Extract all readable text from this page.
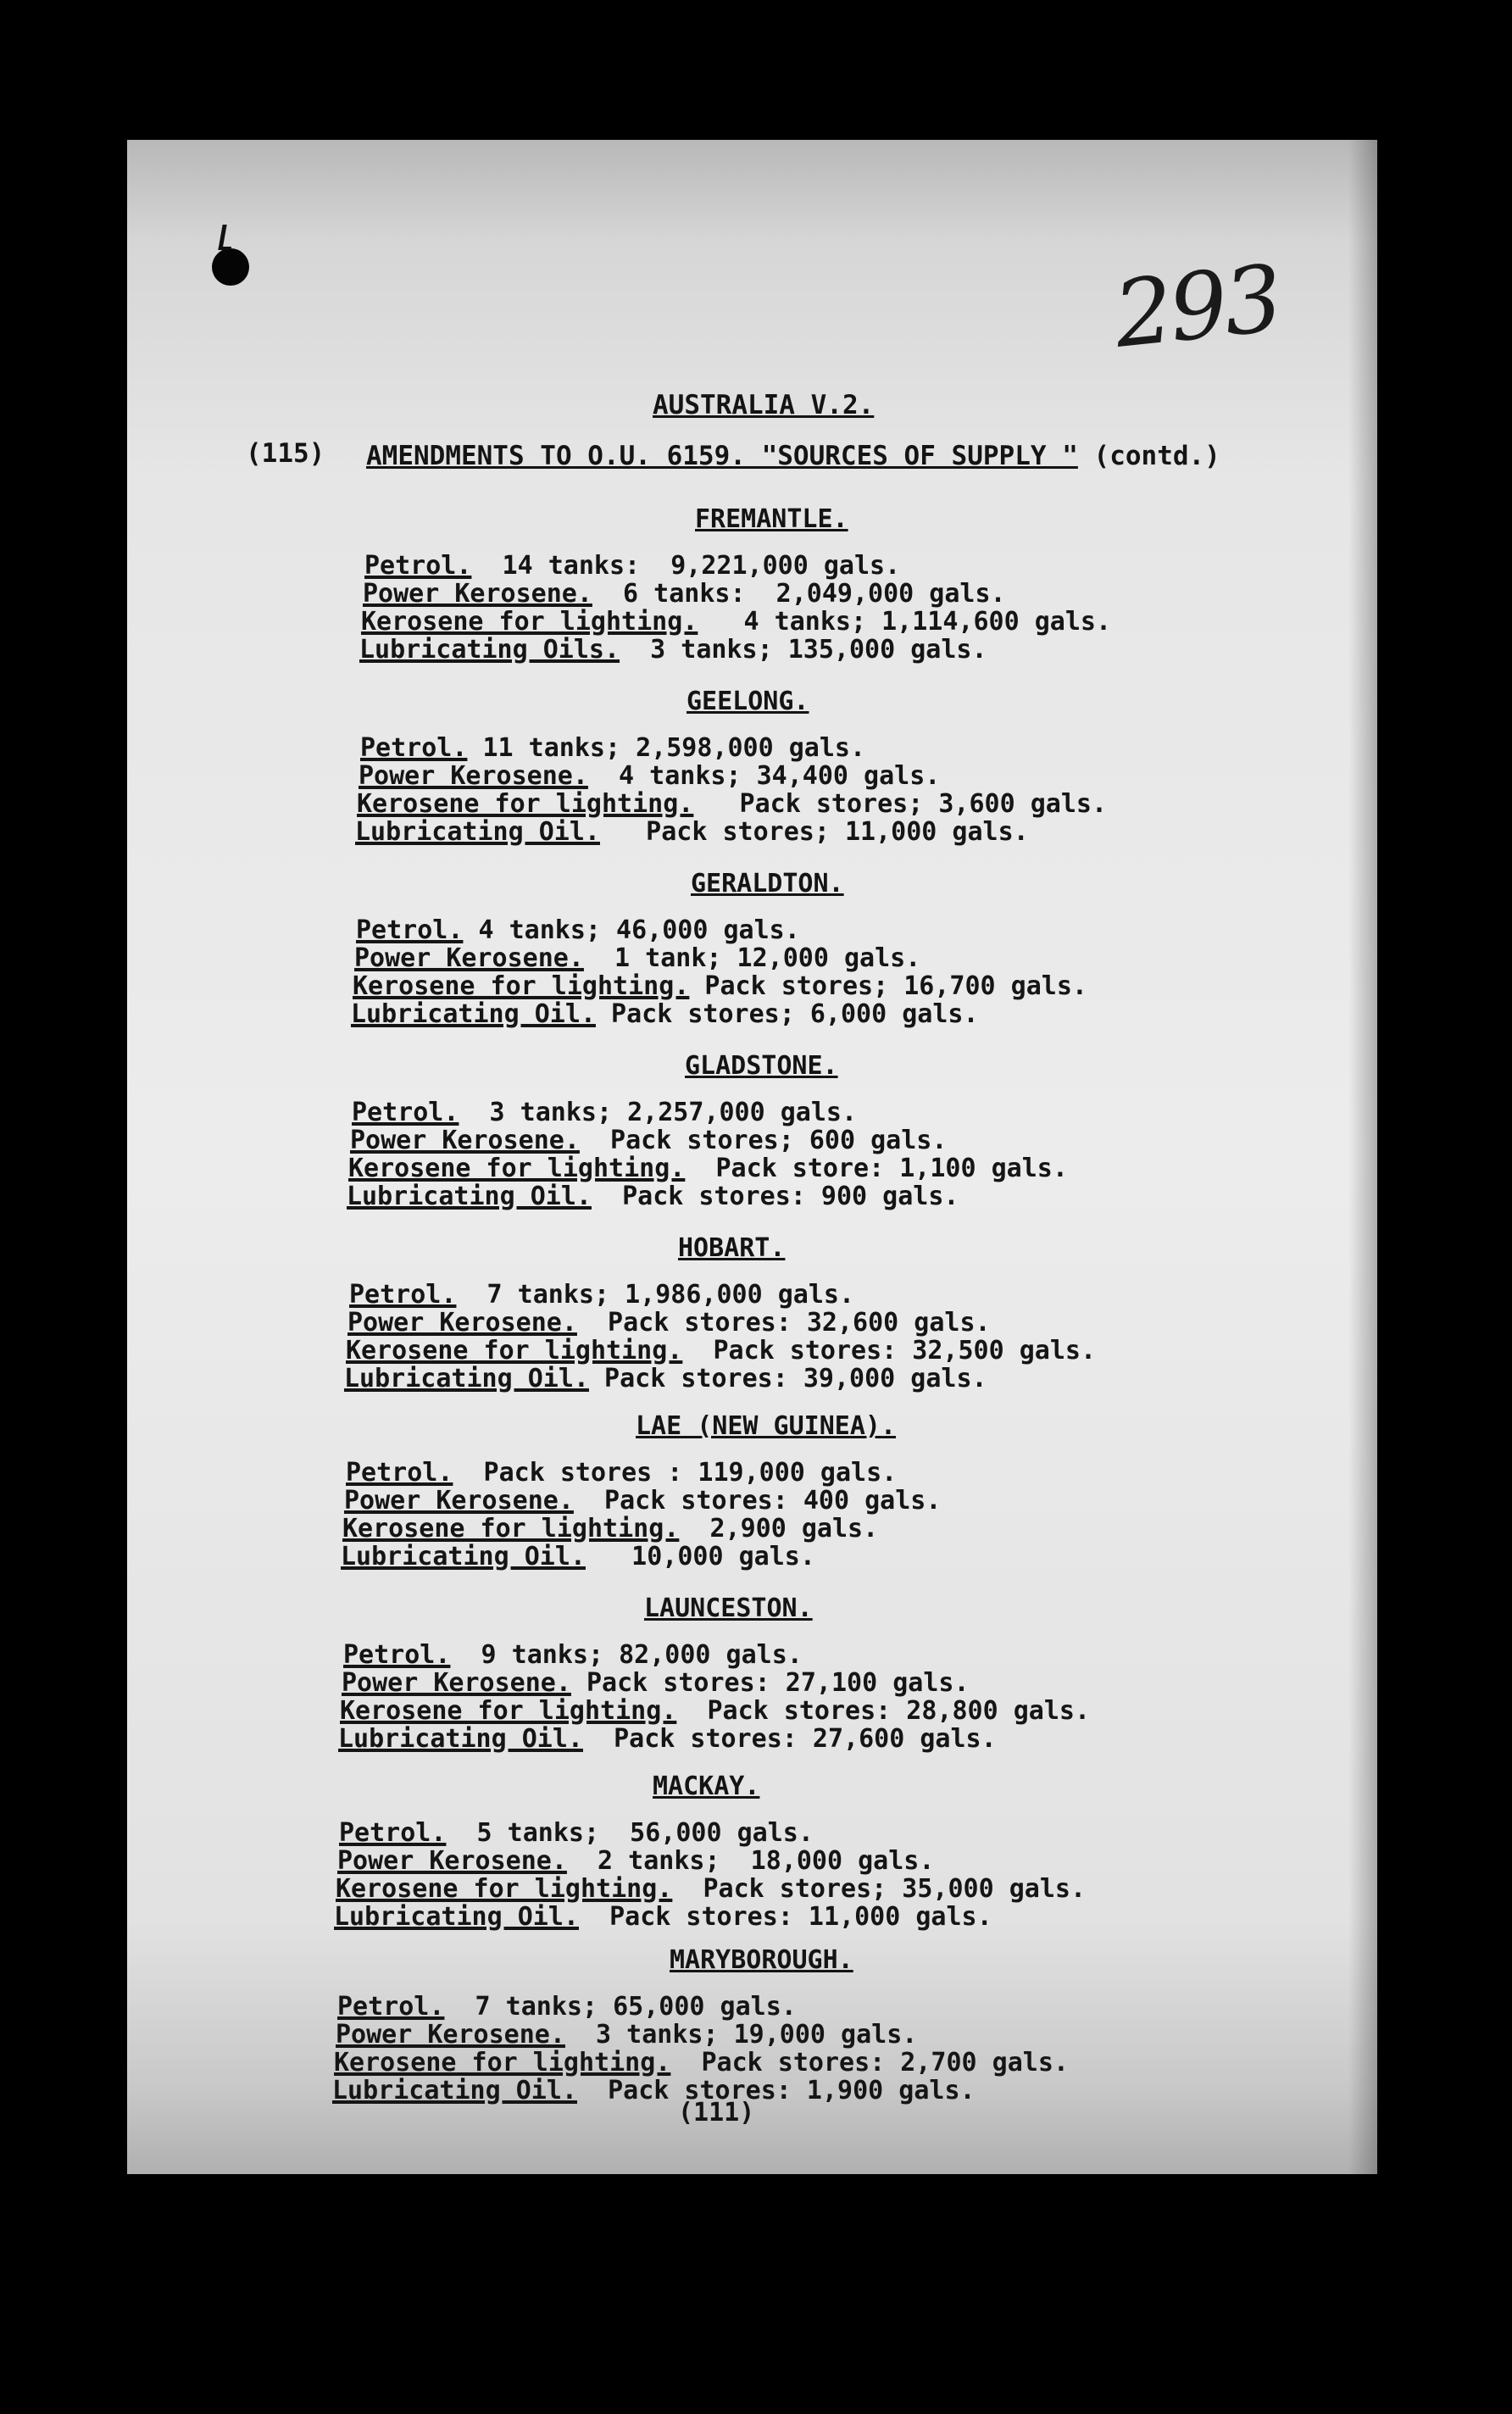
293
AUSTRALIA V.2.
(115) AMENDMENTS TO O.U. 6159. "SOURCES OF SUPPLY " (contd.)
FREMANTLE.
Petrol.  14 tanks:  9,221,000 gals.
Power Kerosene.  6 tanks:  2,049,000 gals.
Kerosene for lighting.   4 tanks; 1,114,600 gals.
Lubricating Oils.  3 tanks; 135,000 gals.
GEELONG.
Petrol. 11 tanks; 2,598,000 gals.
Power Kerosene.  4 tanks; 34,400 gals.
Kerosene for lighting.   Pack stores; 3,600 gals.
Lubricating Oil.   Pack stores; 11,000 gals.
GERALDTON.
Petrol. 4 tanks; 46,000 gals.
Power Kerosene.  1 tank; 12,000 gals.
Kerosene for lighting. Pack stores; 16,700 gals.
Lubricating Oil. Pack stores; 6,000 gals.
GLADSTONE.
Petrol.  3 tanks; 2,257,000 gals.
Power Kerosene.  Pack stores; 600 gals.
Kerosene for lighting.  Pack store: 1,100 gals.
Lubricating Oil.  Pack stores: 900 gals.
HOBART.
Petrol.  7 tanks; 1,986,000 gals.
Power Kerosene.  Pack stores: 32,600 gals.
Kerosene for lighting.  Pack stores: 32,500 gals.
Lubricating Oil. Pack stores: 39,000 gals.
LAE (NEW GUINEA).
Petrol.  Pack stores : 119,000 gals.
Power Kerosene.  Pack stores: 400 gals.
Kerosene for lighting.  2,900 gals.
Lubricating Oil.   10,000 gals.
LAUNCESTON.
Petrol.  9 tanks; 82,000 gals.
Power Kerosene. Pack stores: 27,100 gals.
Kerosene for lighting.  Pack stores: 28,800 gals.
Lubricating Oil.  Pack stores: 27,600 gals.
MACKAY.
Petrol.  5 tanks;  56,000 gals.
Power Kerosene.  2 tanks;  18,000 gals.
Kerosene for lighting.  Pack stores; 35,000 gals.
Lubricating Oil.  Pack stores: 11,000 gals.
MARYBOROUGH.
Petrol.  7 tanks; 65,000 gals.
Power Kerosene.  3 tanks; 19,000 gals.
Kerosene for lighting.  Pack stores: 2,700 gals.
Lubricating Oil.  Pack stores: 1,900 gals.
(111)
